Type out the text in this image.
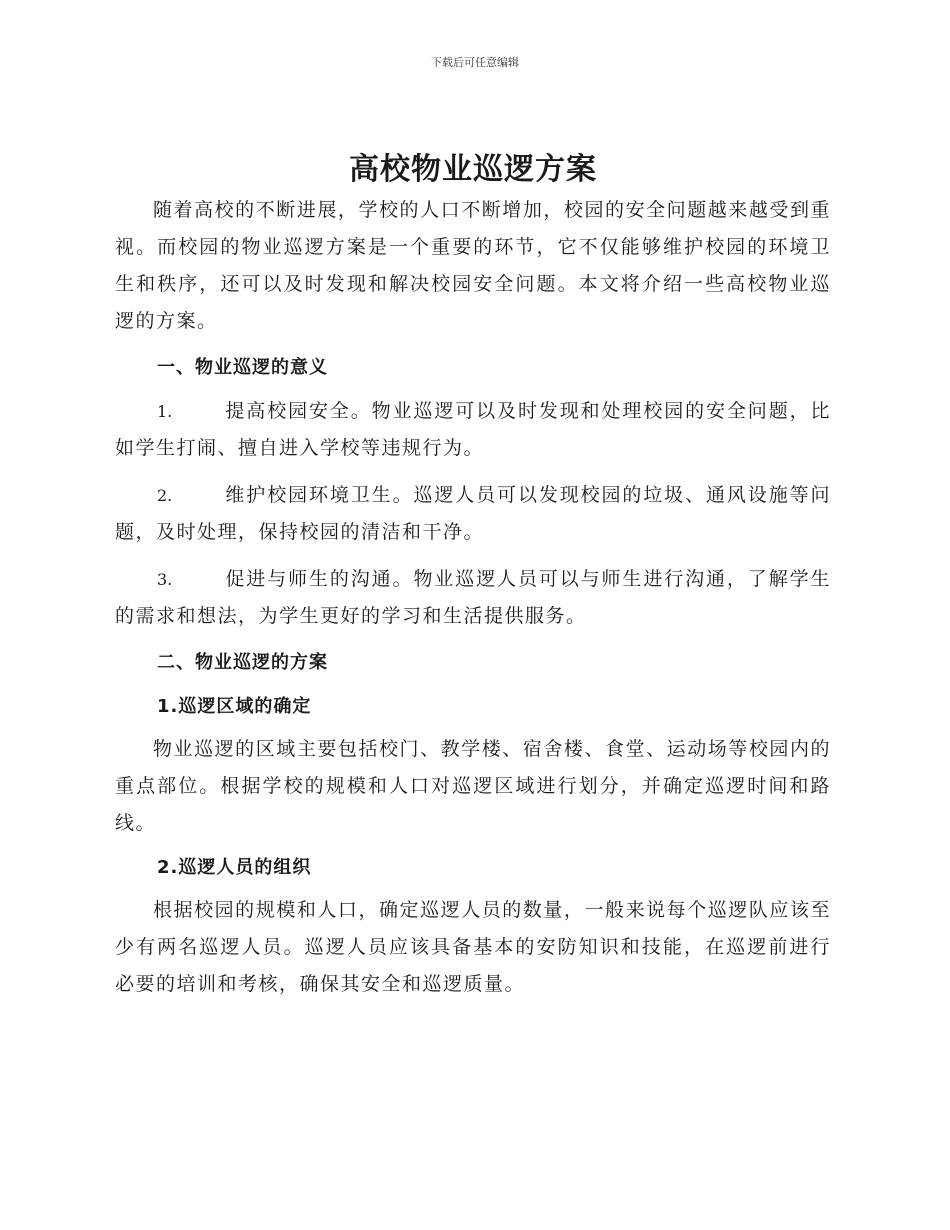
下载后可任意编辑
高校物业巡逻方案

随着高校的不断进展，学校的人口不断增加，校园的安全问题越来越受到重视。而校园的物业巡逻方案是一个重要的环节，它不仅能够维护校园的环境卫生和秩序，还可以及时发现和解决校园安全问题。本文将介绍一些高校物业巡逻的方案。

一、物业巡逻的意义

1.	提高校园安全。物业巡逻可以及时发现和处理校园的安全问题，比如学生打闹、擅自进入学校等违规行为。

2.	维护校园环境卫生。巡逻人员可以发现校园的垃圾、通风设施等问题，及时处理，保持校园的清洁和干净。

3.	促进与师生的沟通。物业巡逻人员可以与师生进行沟通，了解学生的需求和想法，为学生更好的学习和生活提供服务。

二、物业巡逻的方案
1.巡逻区域的确定

物业巡逻的区域主要包括校门、教学楼、宿舍楼、食堂、运动场等校园内的重点部位。根据学校的规模和人口对巡逻区域进行划分，并确定巡逻时间和路线。

2.巡逻人员的组织

根据校园的规模和人口，确定巡逻人员的数量，一般来说每个巡逻队应该至少有两名巡逻人员。巡逻人员应该具备基本的安防知识和技能，在巡逻前进行必要的培训和考核，确保其安全和巡逻质量。
